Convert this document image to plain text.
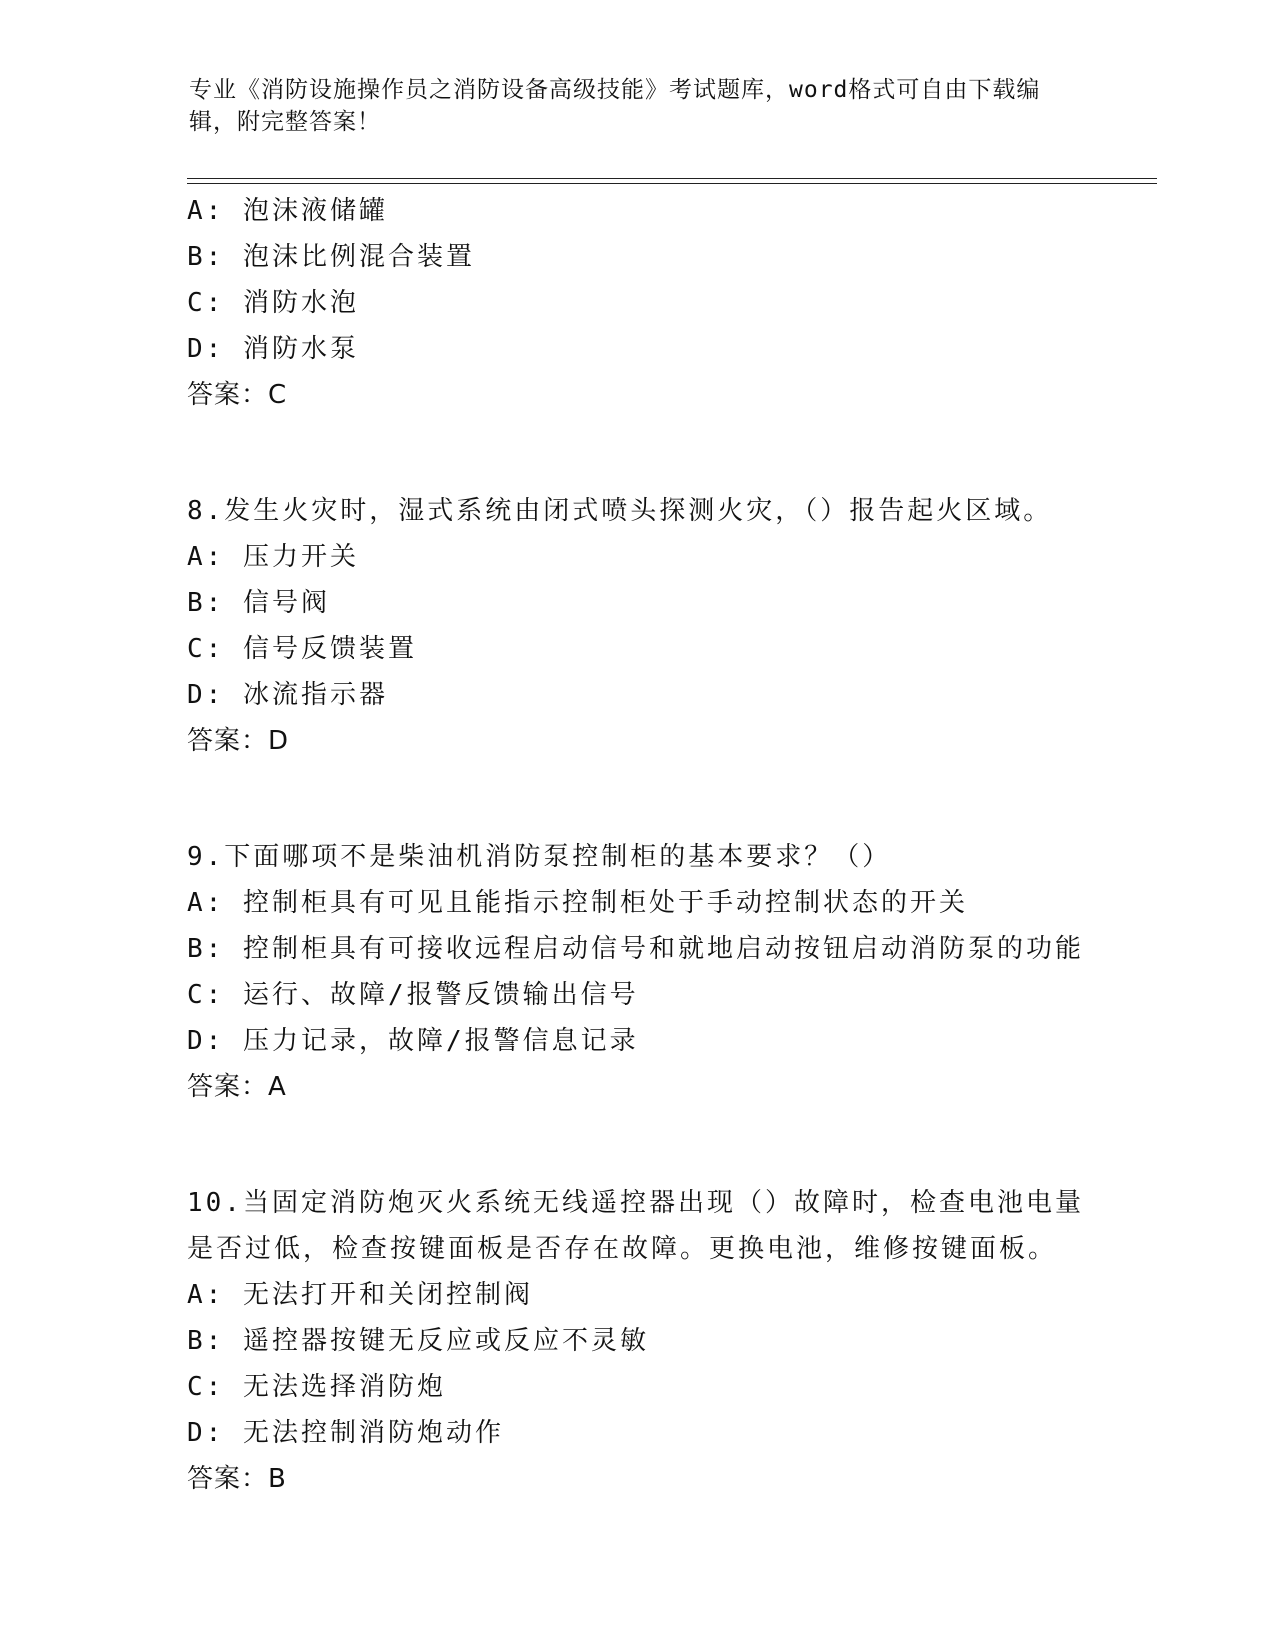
专业《消防设施操作员之消防设备高级技能》考试题库，word格式可自由下载编
辑，附完整答案！
A: 泡沫液储罐
B: 泡沫比例混合装置
C: 消防水泡
D: 消防水泵
答案：C
8.发生火灾时，湿式系统由闭式喷头探测火灾，（）报告起火区域。
A: 压力开关
B: 信号阀
C: 信号反馈装置
D: 冰流指示器
答案：D
9.下面哪项不是柴油机消防泵控制柜的基本要求？（）
A: 控制柜具有可见且能指示控制柜处于手动控制状态的开关
B: 控制柜具有可接收远程启动信号和就地启动按钮启动消防泵的功能
C: 运行、故障/报警反馈输出信号
D: 压力记录，故障/报警信息记录
答案：A
10.当固定消防炮灭火系统无线遥控器出现（）故障时，检查电池电量
是否过低，检查按键面板是否存在故障。更换电池，维修按键面板。
A: 无法打开和关闭控制阀
B: 遥控器按键无反应或反应不灵敏
C: 无法选择消防炮
D: 无法控制消防炮动作
答案：B
